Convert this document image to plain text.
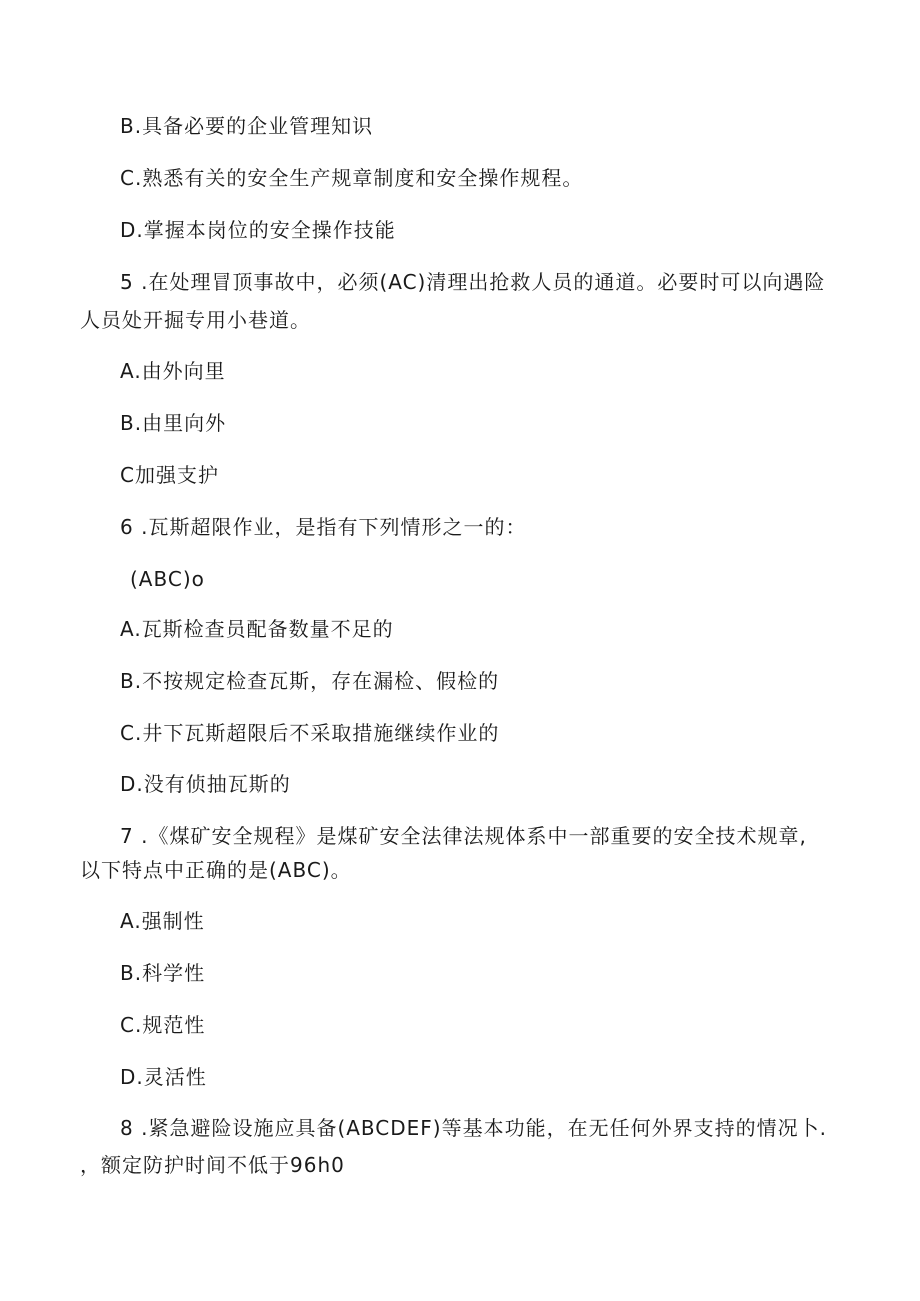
B.具备必要的企业管理知识
C.熟悉有关的安全生产规章制度和安全操作规程。
D.掌握本岗位的安全操作技能
5 .在处理冒顶事故中，必须(AC)清理出抢救人员的通道。必要时可以向遇险
人员处开掘专用小巷道。
A.由外向里
B.由里向外
C加强支护
6 .瓦斯超限作业，是指有下列情形之一的：
(ABC)o
A.瓦斯检查员配备数量不足的
B.不按规定检查瓦斯，存在漏检、假检的
C.井下瓦斯超限后不采取措施继续作业的
D.没有侦抽瓦斯的
7 .《煤矿安全规程》是煤矿安全法律法规体系中一部重要的安全技术规章,
以下特点中正确的是(ABC)。
A.强制性
B.科学性
C.规范性
D.灵活性
8 .紧急避险设施应具备(ABCDEF)等基本功能，在无任何外界支持的情况卜.
，额定防护时间不低于96h0
